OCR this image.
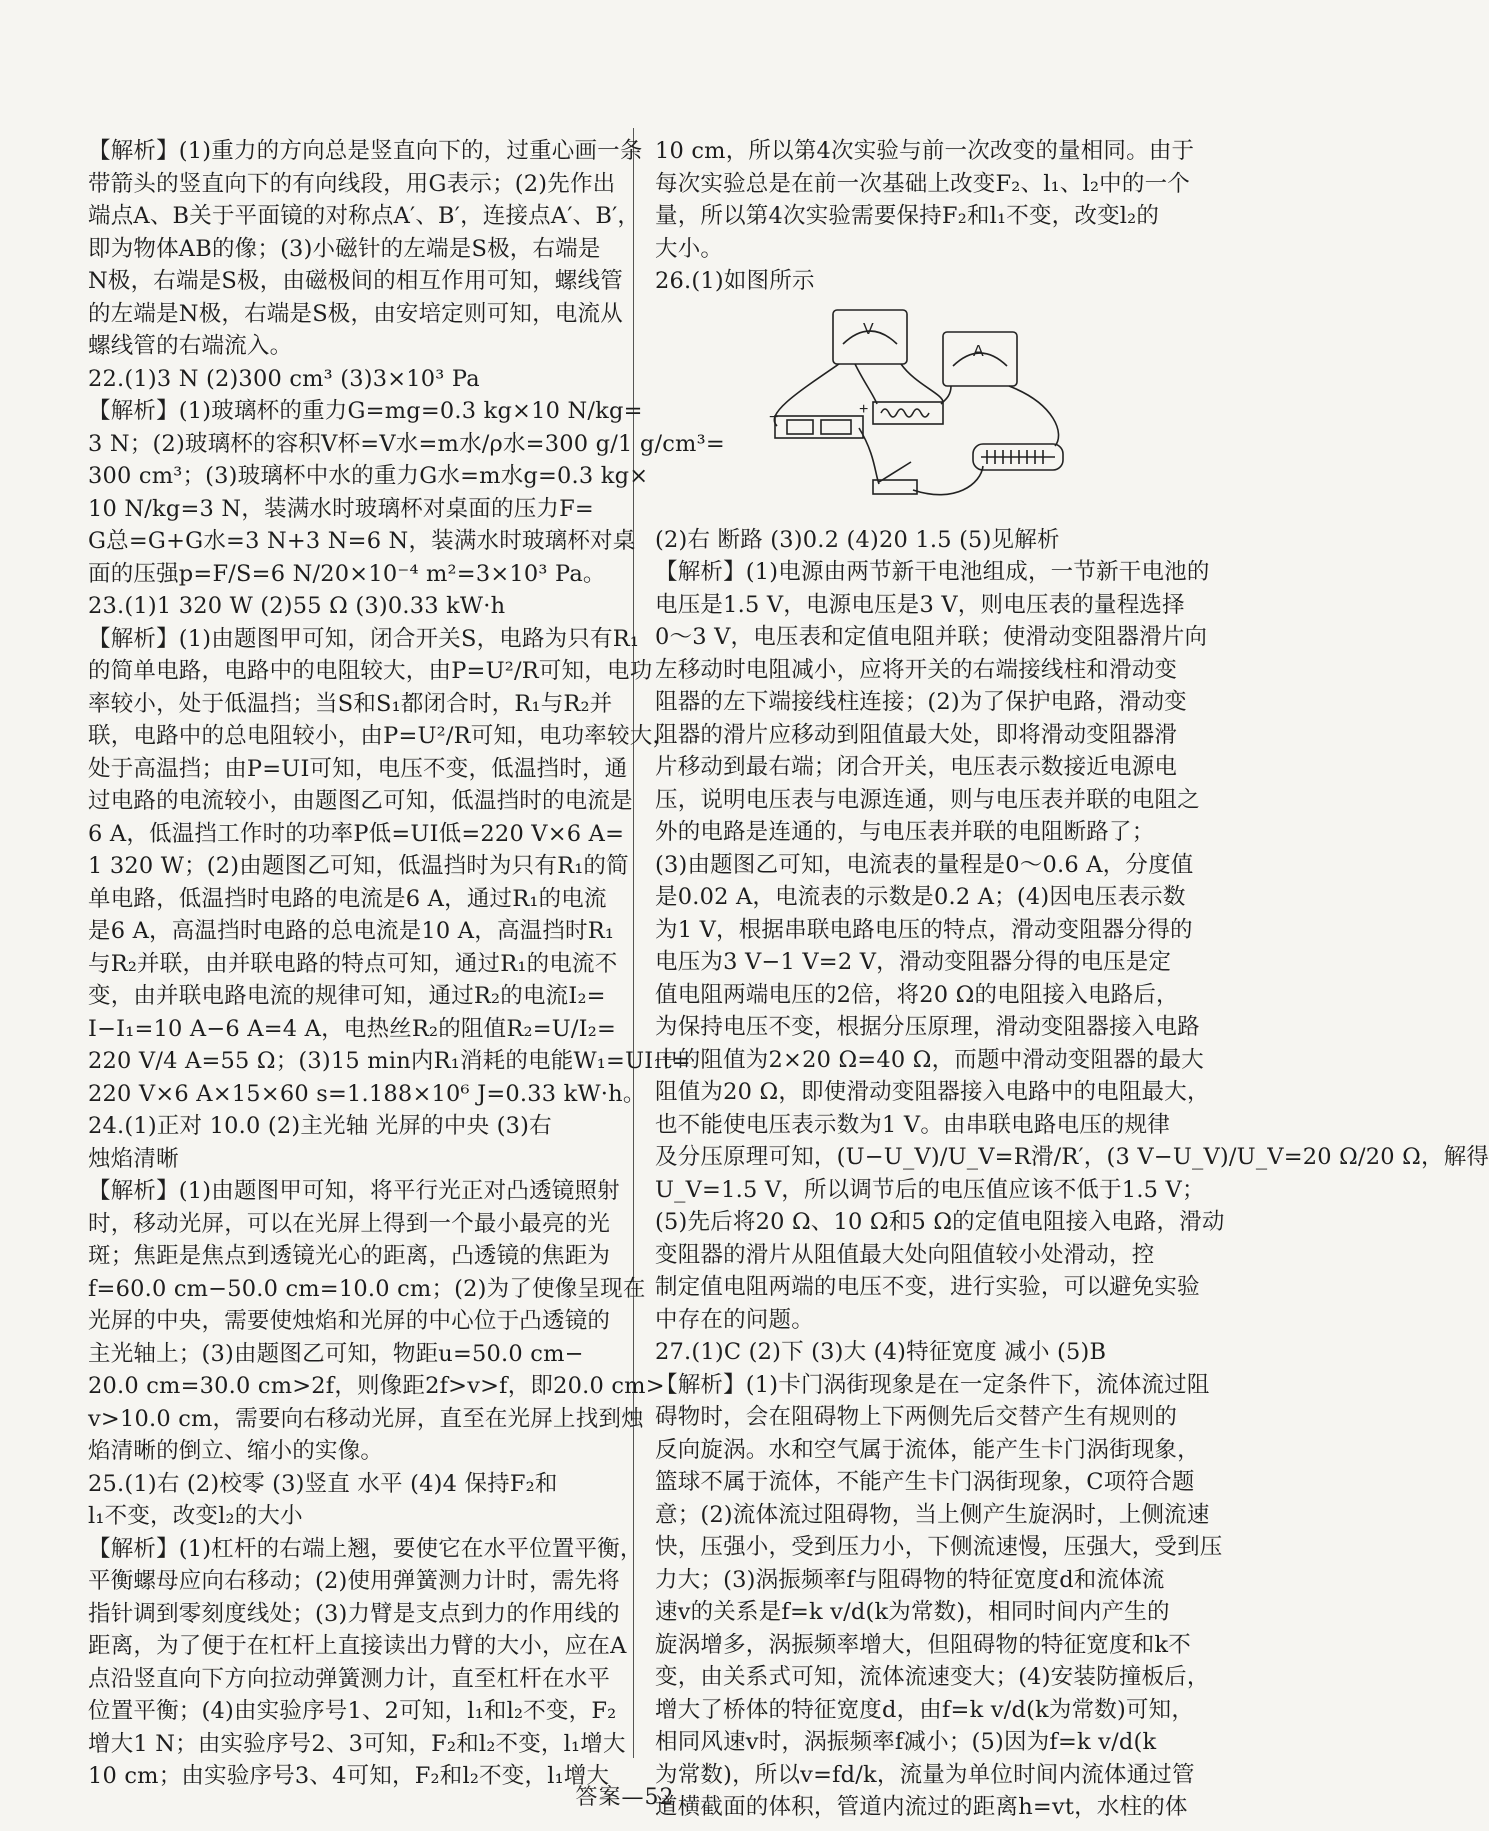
【解析】(1)重力的方向总是竖直向下的，过重心画一条
带箭头的竖直向下的有向线段，用G表示；(2)先作出
端点A、B关于平面镜的对称点A′、B′，连接点A′、B′，
即为物体AB的像；(3)小磁针的左端是S极，右端是
N极，右端是S极，由磁极间的相互作用可知，螺线管
的左端是N极，右端是S极，由安培定则可知，电流从
螺线管的右端流入。
22.(1)3 N (2)300 cm³ (3)3×10³ Pa
【解析】(1)玻璃杯的重力G=mg=0.3 kg×10 N/kg=
3 N；(2)玻璃杯的容积V杯=V水=m水/ρ水=300 g/1 g/cm³=
300 cm³；(3)玻璃杯中水的重力G水=m水g=0.3 kg×
10 N/kg=3 N，装满水时玻璃杯对桌面的压力F=
G总=G+G水=3 N+3 N=6 N，装满水时玻璃杯对桌
面的压强p=F/S=6 N/20×10⁻⁴ m²=3×10³ Pa。
23.(1)1 320 W (2)55 Ω (3)0.33 kW·h
【解析】(1)由题图甲可知，闭合开关S，电路为只有R₁
的简单电路，电路中的电阻较大，由P=U²/R可知，电功
率较小，处于低温挡；当S和S₁都闭合时，R₁与R₂并
联，电路中的总电阻较小，由P=U²/R可知，电功率较大，
处于高温挡；由P=UI可知，电压不变，低温挡时，通
过电路的电流较小，由题图乙可知，低温挡时的电流是
6 A，低温挡工作时的功率P低=UI低=220 V×6 A=
1 320 W；(2)由题图乙可知，低温挡时为只有R₁的简
单电路，低温挡时电路的电流是6 A，通过R₁的电流
是6 A，高温挡时电路的总电流是10 A，高温挡时R₁
与R₂并联，由并联电路的特点可知，通过R₁的电流不
变，由并联电路电流的规律可知，通过R₂的电流I₂=
I−I₁=10 A−6 A=4 A，电热丝R₂的阻值R₂=U/I₂=
220 V/4 A=55 Ω；(3)15 min内R₁消耗的电能W₁=UI₁t=
220 V×6 A×15×60 s=1.188×10⁶ J=0.33 kW·h。
24.(1)正对 10.0 (2)主光轴 光屏的中央 (3)右
烛焰清晰
【解析】(1)由题图甲可知，将平行光正对凸透镜照射
时，移动光屏，可以在光屏上得到一个最小最亮的光
斑；焦距是焦点到透镜光心的距离，凸透镜的焦距为
f=60.0 cm−50.0 cm=10.0 cm；(2)为了使像呈现在
光屏的中央，需要使烛焰和光屏的中心位于凸透镜的
主光轴上；(3)由题图乙可知，物距u=50.0 cm−
20.0 cm=30.0 cm>2f，则像距2f>v>f，即20.0 cm>
v>10.0 cm，需要向右移动光屏，直至在光屏上找到烛
焰清晰的倒立、缩小的实像。
25.(1)右 (2)校零 (3)竖直 水平 (4)4 保持F₂和
l₁不变，改变l₂的大小
【解析】(1)杠杆的右端上翘，要使它在水平位置平衡，
平衡螺母应向右移动；(2)使用弹簧测力计时，需先将
指针调到零刻度线处；(3)力臂是支点到力的作用线的
距离，为了便于在杠杆上直接读出力臂的大小，应在A
点沿竖直向下方向拉动弹簧测力计，直至杠杆在水平
位置平衡；(4)由实验序号1、2可知，l₁和l₂不变，F₂
增大1 N；由实验序号2、3可知，F₂和l₂不变，l₁增大
10 cm；由实验序号3、4可知，F₂和l₂不变，l₁增大
10 cm，所以第4次实验与前一次改变的量相同。由于
每次实验总是在前一次基础上改变F₂、l₁、l₂中的一个
量，所以第4次实验需要保持F₂和l₁不变，改变l₂的
大小。
26.(1)如图所示
V
A
−	+
(2)右 断路 (3)0.2 (4)20 1.5 (5)见解析
【解析】(1)电源由两节新干电池组成，一节新干电池的
电压是1.5 V，电源电压是3 V，则电压表的量程选择
0～3 V，电压表和定值电阻并联；使滑动变阻器滑片向
左移动时电阻减小，应将开关的右端接线柱和滑动变
阻器的左下端接线柱连接；(2)为了保护电路，滑动变
阻器的滑片应移动到阻值最大处，即将滑动变阻器滑
片移动到最右端；闭合开关，电压表示数接近电源电
压，说明电压表与电源连通，则与电压表并联的电阻之
外的电路是连通的，与电压表并联的电阻断路了；
(3)由题图乙可知，电流表的量程是0～0.6 A，分度值
是0.02 A，电流表的示数是0.2 A；(4)因电压表示数
为1 V，根据串联电路电压的特点，滑动变阻器分得的
电压为3 V−1 V=2 V，滑动变阻器分得的电压是定
值电阻两端电压的2倍，将20 Ω的电阻接入电路后，
为保持电压不变，根据分压原理，滑动变阻器接入电路
中的阻值为2×20 Ω=40 Ω，而题中滑动变阻器的最大
阻值为20 Ω，即使滑动变阻器接入电路中的电阻最大，
也不能使电压表示数为1 V。由串联电路电压的规律
及分压原理可知，(U−U_V)/U_V=R滑/R′，(3 V−U_V)/U_V=20 Ω/20 Ω，解得
U_V=1.5 V，所以调节后的电压值应该不低于1.5 V；
(5)先后将20 Ω、10 Ω和5 Ω的定值电阻接入电路，滑动
变阻器的滑片从阻值最大处向阻值较小处滑动，控
制定值电阻两端的电压不变，进行实验，可以避免实验
中存在的问题。
27.(1)C (2)下 (3)大 (4)特征宽度 减小 (5)B
【解析】(1)卡门涡街现象是在一定条件下，流体流过阻
碍物时，会在阻碍物上下两侧先后交替产生有规则的
反向旋涡。水和空气属于流体，能产生卡门涡街现象，
篮球不属于流体，不能产生卡门涡街现象，C项符合题
意；(2)流体流过阻碍物，当上侧产生旋涡时，上侧流速
快，压强小，受到压力小，下侧流速慢，压强大，受到压
力大；(3)涡振频率f与阻碍物的特征宽度d和流体流
速v的关系是f=k v/d(k为常数)，相同时间内产生的
旋涡增多，涡振频率增大，但阻碍物的特征宽度和k不
变，由关系式可知，流体流速变大；(4)安装防撞板后，
增大了桥体的特征宽度d，由f=k v/d(k为常数)可知，
相同风速v时，涡振频率f减小；(5)因为f=k v/d(k
为常数)，所以v=fd/k，流量为单位时间内流体通过管
道横截面的体积，管道内流过的距离h=vt，水柱的体
答案—52
